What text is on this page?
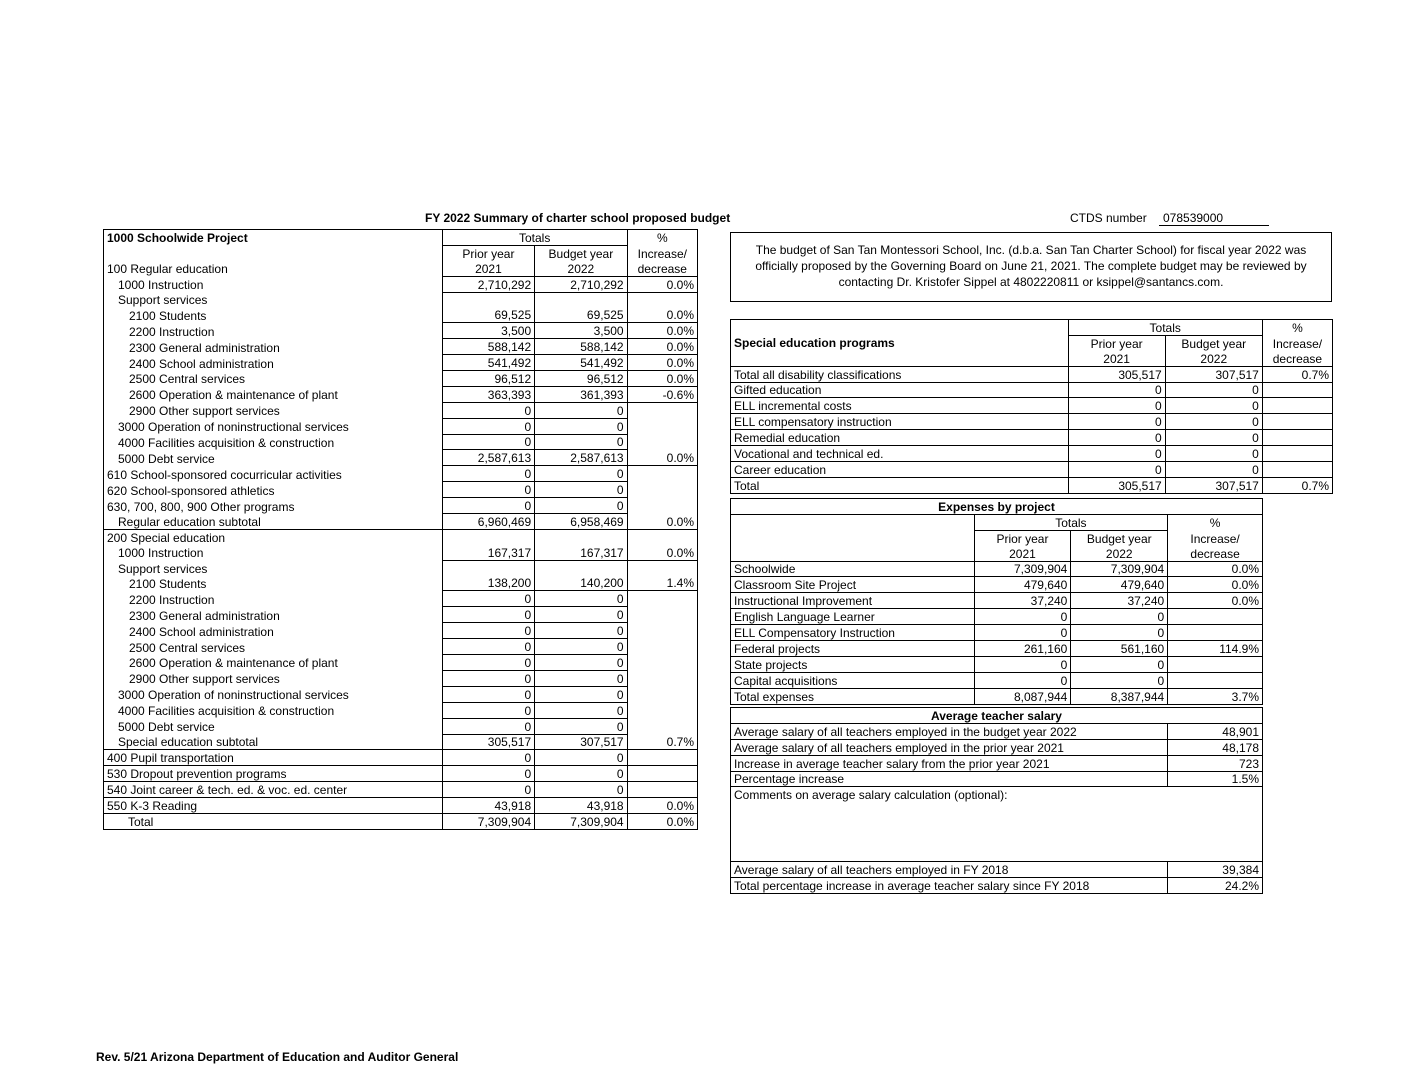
FY 2022 Summary of charter school proposed budget	CTDS number	078539000
1000 Schoolwide Project	Totals		%
	Prior year	Budget year	Increase/
100 Regular education	2021	2022	decrease
1000 Instruction	2,710,292	2,710,292	0.0%
Support services			
2100 Students	69,525	69,525	0.0%
2200 Instruction	3,500	3,500	0.0%
2300 General administration	588,142	588,142	0.0%
2400 School administration	541,492	541,492	0.0%
2500 Central services	96,512	96,512	0.0%
2600 Operation & maintenance of plant	363,393	361,393	-0.6%
2900 Other support services	0	0	
3000 Operation of noninstructional services	0	0	
4000 Facilities acquisition & construction	0	0	
5000 Debt service	2,587,613	2,587,613	0.0%
610 School-sponsored cocurricular activities	0	0	
620 School-sponsored athletics	0	0	
630, 700, 800, 900 Other programs	0	0	
Regular education subtotal	6,960,469	6,958,469	0.0%
200 Special education			
1000 Instruction	167,317	167,317	0.0%
Support services			
2100 Students	138,200	140,200	1.4%
2200 Instruction	0	0	
2300 General administration	0	0	
2400 School administration	0	0	
2500 Central services	0	0	
2600 Operation & maintenance of plant	0	0	
2900 Other support services	0	0	
3000 Operation of noninstructional services	0	0	
4000 Facilities acquisition & construction	0	0	
5000 Debt service	0	0	
Special education subtotal	305,517	307,517	0.7%
400 Pupil transportation	0	0	
530 Dropout prevention programs	0	0	
540 Joint career & tech. ed. & voc. ed. center	0	0	
550 K-3 Reading	43,918	43,918	0.0%
Total	7,309,904	7,309,904	0.0%
The budget of San Tan Montessori School, Inc. (d.b.a. San Tan Charter School) for fiscal year 2022 was officially proposed by the Governing Board on June 21, 2021. The complete budget may be reviewed by contacting Dr. Kristofer Sippel at 4802220811 or ksippel@santancs.com.
	Totals		%
Special education programs	Prior year	Budget year	Increase/
	2021	2022	decrease
Total all disability classifications	305,517	307,517	0.7%
Gifted education	0	0	
ELL incremental costs	0	0	
ELL compensatory instruction	0	0	
Remedial education	0	0	
Vocational and technical ed.	0	0	
Career education	0	0	
Total	305,517	307,517	0.7%
Expenses by project			
	Totals		%
	Prior year	Budget year	Increase/
	2021	2022	decrease
Schoolwide	7,309,904	7,309,904	0.0%
Classroom Site Project	479,640	479,640	0.0%
Instructional Improvement	37,240	37,240	0.0%
English Language Learner	0	0	
ELL Compensatory Instruction	0	0	
Federal projects	261,160	561,160	114.9%
State projects	0	0	
Capital acquisitions	0	0	
Total expenses	8,087,944	8,387,944	3.7%
Average teacher salary	
Average salary of all teachers employed in the budget year 2022	48,901
Average salary of all teachers employed in the prior year 2021	48,178
Increase in average teacher salary from the prior year 2021	723
Percentage increase	1.5%
Comments on average salary calculation (optional):	
Average salary of all teachers employed in FY 2018	39,384
Total percentage increase in average teacher salary since FY 2018	24.2%
Rev. 5/21 Arizona Department of Education and Auditor General
